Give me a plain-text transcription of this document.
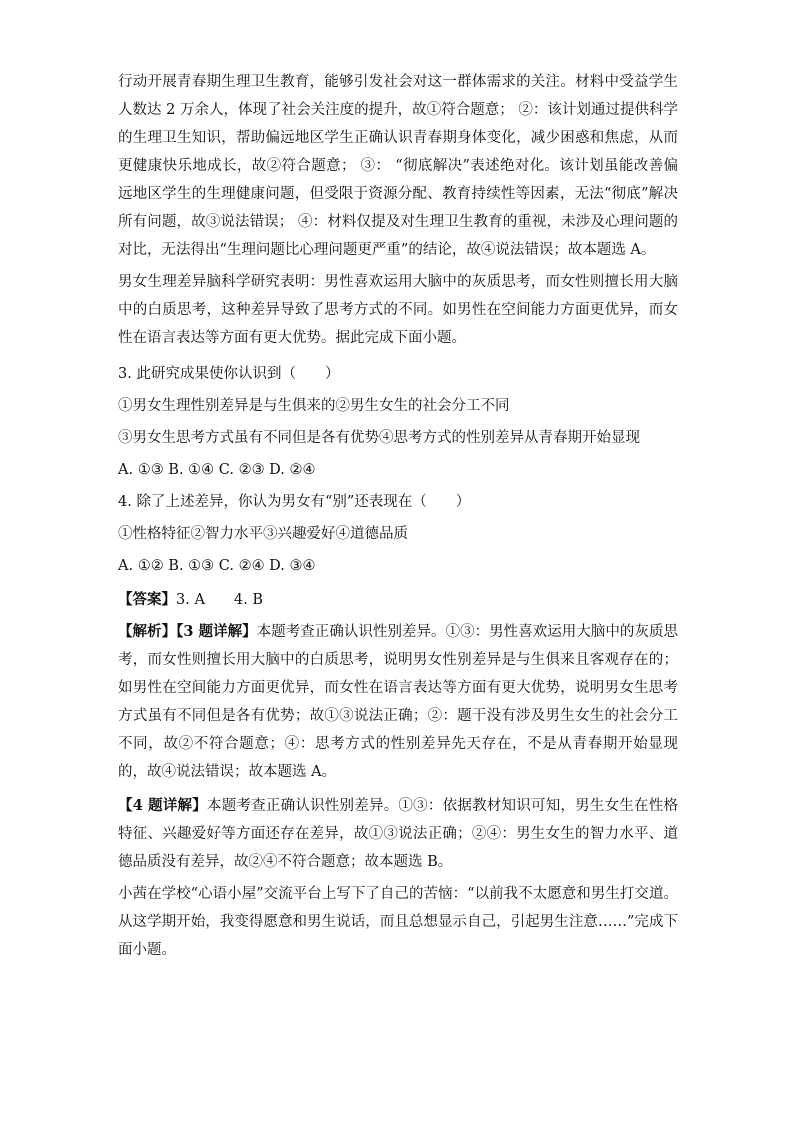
行动开展青春期生理卫生教育，能够引发社会对这一群体需求的关注。材料中受益学生人数达 2 万余人，体现了社会关注度的提升，故①符合题意； ②：该计划通过提供科学的生理卫生知识，帮助偏远地区学生正确认识青春期身体变化，减少困惑和焦虑，从而更健康快乐地成长，故②符合题意； ③： “彻底解决”表述绝对化。该计划虽能改善偏远地区学生的生理健康问题，但受限于资源分配、教育持续性等因素，无法“彻底”解决所有问题，故③说法错误； ④：材料仅提及对生理卫生教育的重视，未涉及心理问题的对比，无法得出“生理问题比心理问题更严重”的结论，故④说法错误；故本题选 A。

男女生理差异脑科学研究表明：男性喜欢运用大脑中的灰质思考，而女性则擅长用大脑中的白质思考，这种差异导致了思考方式的不同。如男性在空间能力方面更优异，而女性在语言表达等方面有更大优势。据此完成下面小题。

3. 此研究成果使你认识到（　　）

①男女生理性别差异是与生俱来的②男生女生的社会分工不同

③男女生思考方式虽有不同但是各有优势④思考方式的性别差异从青春期开始显现

A. ①③ B. ①④ C. ②③ D. ②④

4. 除了上述差异，你认为男女有“别”还表现在（　　）

①性格特征②智力水平③兴趣爱好④道德品质

A. ①② B. ①③ C. ②④ D. ③④

【答案】3. A　　4. B

【解析】【3 题详解】本题考查正确认识性别差异。①③：男性喜欢运用大脑中的灰质思考，而女性则擅长用大脑中的白质思考，说明男女性别差异是与生俱来且客观存在的；如男性在空间能力方面更优异，而女性在语言表达等方面有更大优势，说明男女生思考方式虽有不同但是各有优势；故①③说法正确；②：题干没有涉及男生女生的社会分工不同，故②不符合题意；④：思考方式的性别差异先天存在，不是从青春期开始显现的，故④说法错误；故本题选 A。

【4 题详解】本题考查正确认识性别差异。①③：依据教材知识可知，男生女生在性格特征、兴趣爱好等方面还存在差异，故①③说法正确；②④：男生女生的智力水平、道德品质没有差异，故②④不符合题意；故本题选 B。

小茜在学校“心语小屋”交流平台上写下了自己的苦恼：“以前我不太愿意和男生打交道。从这学期开始，我变得愿意和男生说话，而且总想显示自己，引起男生注意……”完成下面小题。
